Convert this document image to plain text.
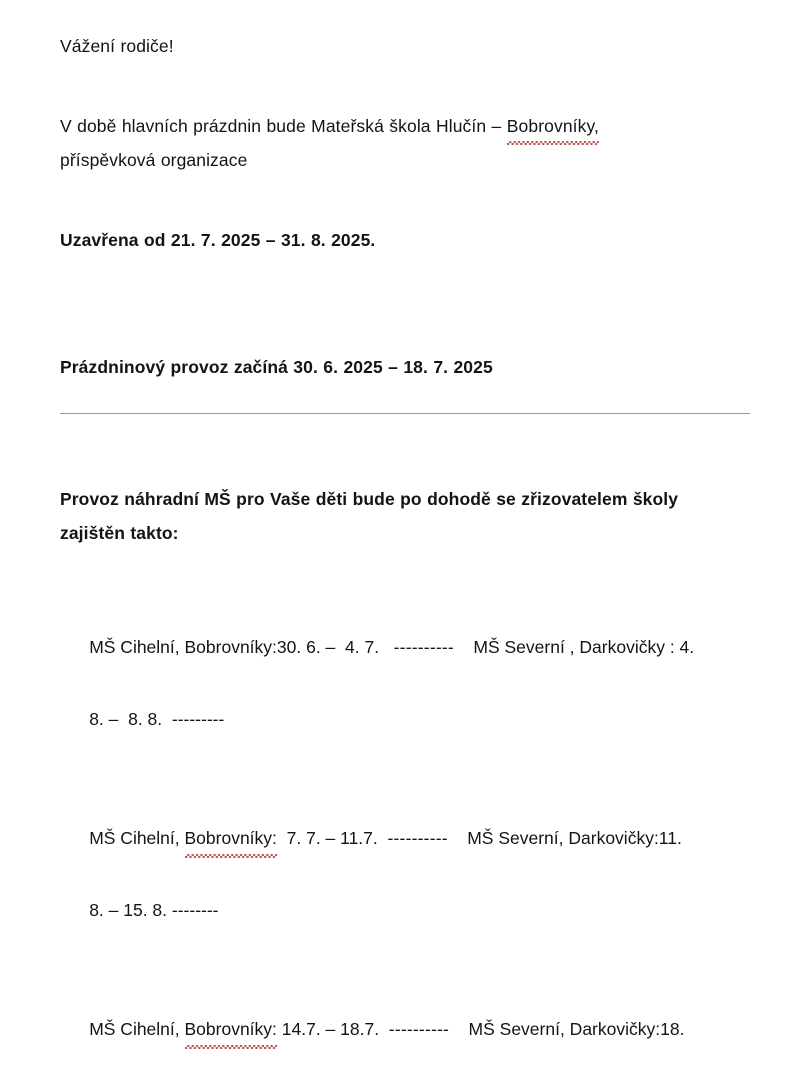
Vážení rodiče!

V době hlavních prázdnin bude Mateřská škola Hlučín – Bobrovníky,
příspěvková organizace

Uzavřena od 21. 7. 2025 – 31. 8. 2025.

Prázdninový provoz začíná 30. 6. 2025 – 18. 7. 2025

Provoz náhradní MŠ pro Vaše děti bude po dohodě se zřizovatelem školy
zajištěn takto:

MŠ Cihelní, Bobrovníky:30. 6. –  4. 7.   ---------- MŠ Severní , Darkovičky : 4.

8. –  8. 8.  ---------

MŠ Cihelní, Bobrovníky:  7. 7. – 11.7.  ---------- MŠ Severní, Darkovičky:11.

8. – 15. 8. --------

MŠ Cihelní, Bobrovníky: 14.7. – 18.7.  ---------- MŠ Severní, Darkovičky:18.
